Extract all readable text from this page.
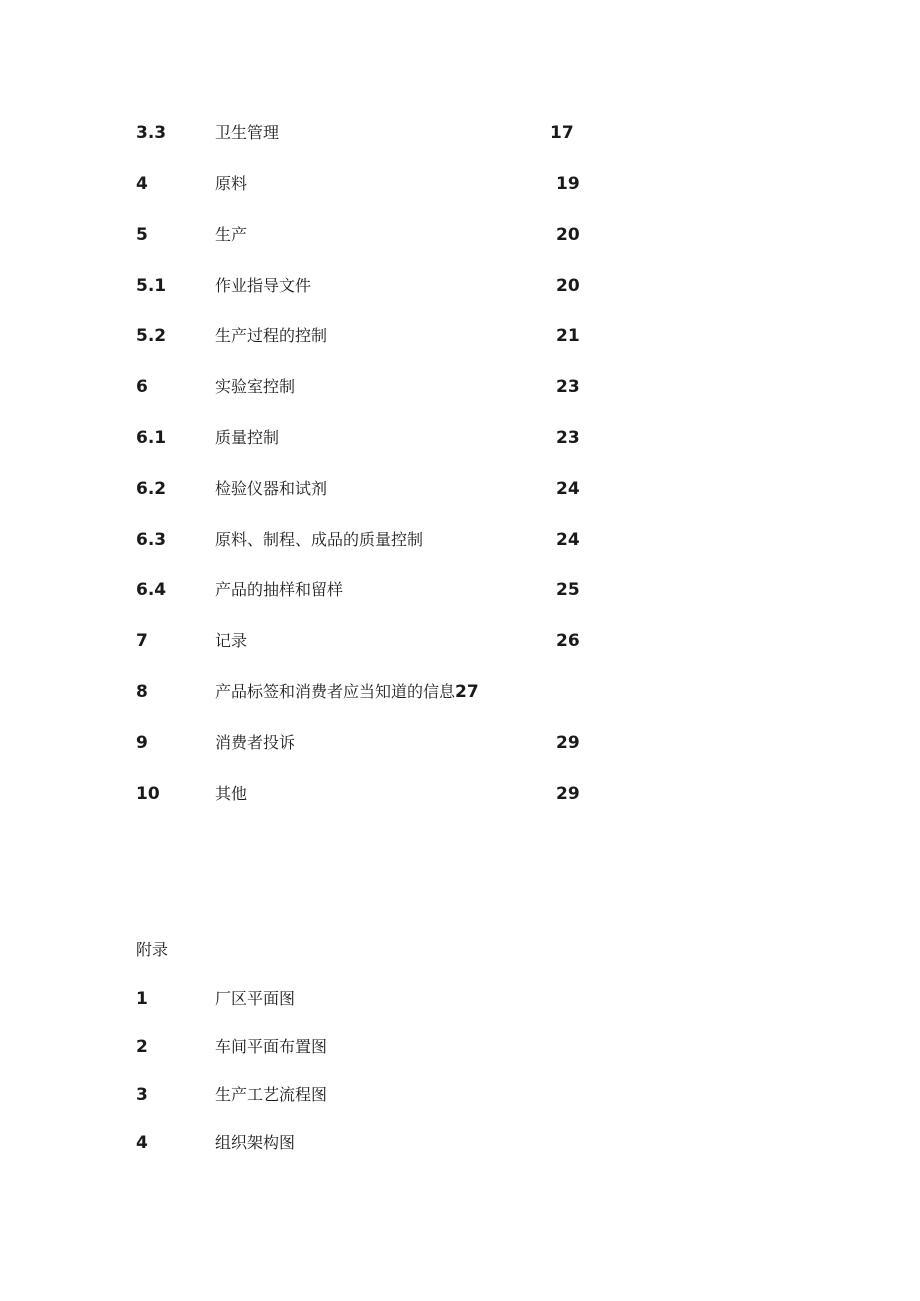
3.3	卫生管理	17
4	原料	19
5	生产	20
5.1	作业指导文件	20
5.2	生产过程的控制	21
6	实验室控制	23
6.1	质量控制	23
6.2	检验仪器和试剂	24
6.3	原料、制程、成品的质量控制	24
6.4	产品的抽样和留样	25
7	记录	26
8	产品标签和消费者应当知道的信息27
9	消费者投诉	29
10	其他	29
附录
1	厂区平面图
2	车间平面布置图
3	生产工艺流程图
4	组织架构图
